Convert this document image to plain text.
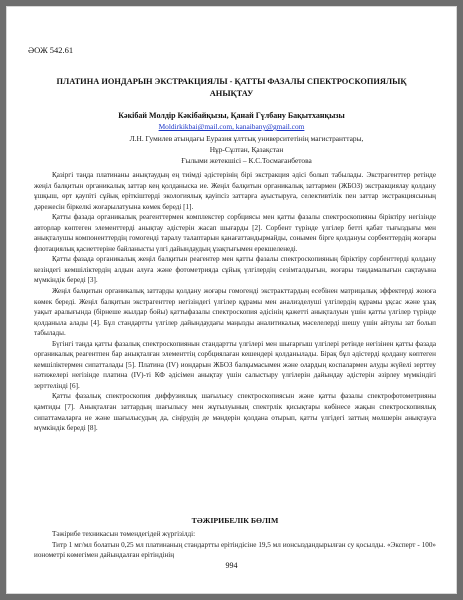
ӘОЖ 542.61
ПЛАТИНА ИОНДАРЫН ЭКСТРАКЦИЯЛЫ - ҚАТТЫ ФАЗАЛЫ СПЕКТРОСКОПИЯЛЫҚ АНЫҚТАУ
Кәкібай Молдір Кәкібайқызы, Қанай Гүлбану Бақытханқызы
Moldirkikbai@mail.com, kanaibany@gmail.com
Л.Н. Гумилев атындағы Еуразия ұлттық университетінің магистранттары,
Нұр-Сұлтан, Қазақстан
Ғылыми жетекшісі – К.С.Тосмағанбетова

Қазіргі таңда платинаны анықтаудың ең тиімді әдістерінің бірі экстракция әдісі болып табылады. Экстрагенттер ретінде жеңіл балқитын органикалық заттар кең қолданыска ие. Жеңіл балқитын органикалық заттармен (ЖБОЗ) экстракциялау қолдану ұшқыш, өрт қаупіті сұйық еріткіштерді экологиялық қауіпсіз заттарға ауыстыруға, селективтілік пен заттар экстракциясының дәрежесін біркелкі жоғарылатуына көмек береді [1].

Қатты фазада органикалық реагенттермен комплекстер сорбциясы мен қатты фазалы спектроскопияны біріктіру негізінде авторлар көптеген элементтерді анықтау әдістерін жасап шығарды [2]. Сорбент түрінде үлгілер бетті қабат тығыздығы мен анықталушы компоненттердің гомогенді таралу талаптарын қанағаттандырмайды, сонымен бірге қолдануы сорбенттердің жоғары флотациялық қасиеттеріне байланысты үлгі дайындаудың ұзақтығымен ерекшеленеді.

Қатты фазада органикалық жеңіл балқитын реагентер мен қатты фазалы спектроскопияның біріктіру сорбенттерді қолдану кезіндегі кемшіліктердің алдын алуға және фотометрияда сұйық үлгілердің сезімталдығын, жоғары таңдамалығын сақтауына мүмкіндік береді [3].

Жеңіл балқитын органикалық заттарды қолдану жоғары гомогенді экстракттардың есебінен матрицалық эффектерді жоюға көмек береді. Жеңіл балқитын экстрагенттер негізіндегі үлгілер құрамы мен анализделуші үлгілердің құрамы ұқсас және ұзақ уақыт аралығында (бірнеше жылдар бойы) қаттыфазалы спектроскопия әдісінің қажетті анықталуын үшін қатты үлгілер түрінде қолданыла алады [4]. Бұл стандартты үлгілер дайындаудағы маңызды аналитикалық мәселелерді шешу үшін айтулы зат болып табылады.

Бүгінгі таңда қатты фазалық спектроскопиянын стандартты үлгілері мен шығарғыш үлгілері ретінде негізінен қатты фазада органикалық реагентпен бар анықталған элементтің сорбциялаған кешендері қолданылады. Бірақ бұл әдістерді қолдану көптеген кемшіліктермен сипатталады [5]. Платина (IV) иондарын ЖБОЗ балқымасымен және олардың коспалармен алуды жүйелі зерттеу нәтижелері негізінде платина (IV)-ті КФ әдісімен анықтау үшін салыстыру үлгілерін дайындау әдістерін әзірлеу мүмкіндігі зерттелінді [6].

Қатты фазалық спектроскопия диффузиялық шағылысу спектроскопиясын және қатты фазалы спектрофотометрияны қамтиды [7]. Анықталған заттардың шағылысу мен жұтылуының спектрлік қисықтары көбінесе жақын спектроскопиялық сипаттамаларға не және шағылысудың да, сіңірудің де мәндерін қолдана отырып, қатты үлгідегі заттың мөлшерін анықтауға мүмкіндік береді [8].

ТӘЖІРИБЕЛІК БӨЛІМ

Тәжірибе техникасын төмендегідей жүргізілді:

Титр 1 мг/мл болатын 0,25 мл платинаның стандартты ерітіндісіне 19,5 мл ионсыздандырылған су қосылды. «Эксперт - 100» ионометрі көмегімен дайындалған ерітіндінің

994
